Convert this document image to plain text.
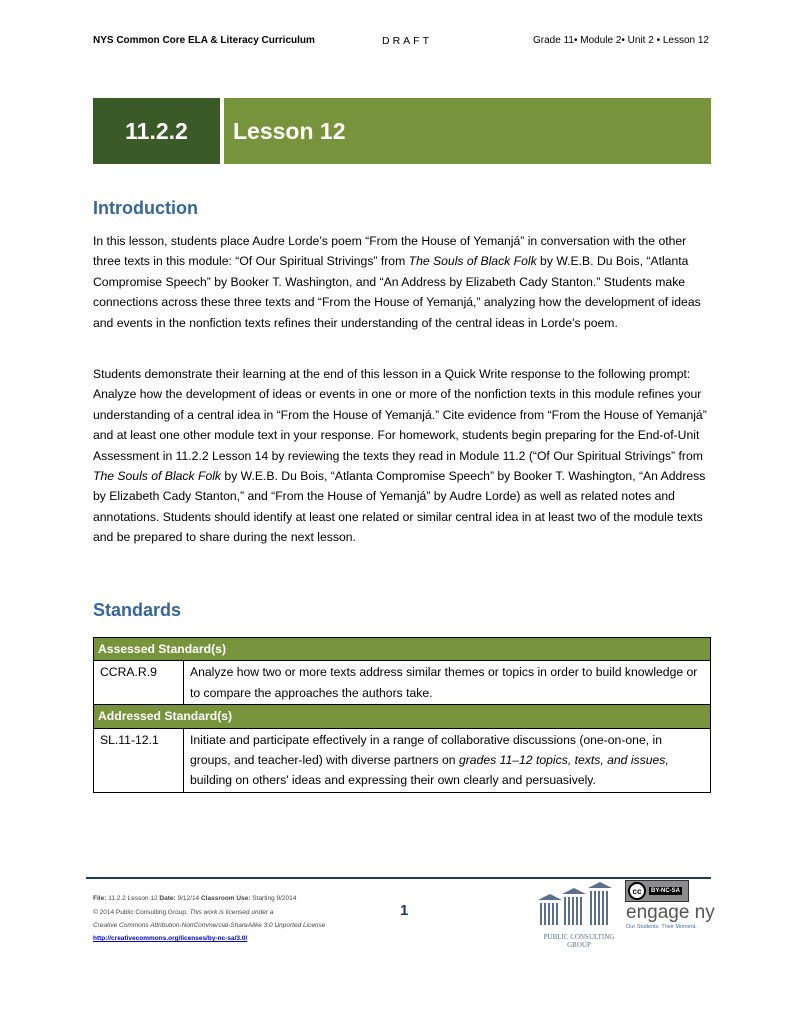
NYS Common Core ELA & Literacy Curriculum	DRAFT	Grade 11• Module 2• Unit 2 • Lesson 12
11.2.2	Lesson 12
Introduction

In this lesson, students place Audre Lorde’s poem “From the House of Yemanjá” in conversation with the other three texts in this module: “Of Our Spiritual Strivings” from The Souls of Black Folk by W.E.B. Du Bois, “Atlanta Compromise Speech” by Booker T. Washington, and “An Address by Elizabeth Cady Stanton.” Students make connections across these three texts and “From the House of Yemanjá,” analyzing how the development of ideas and events in the nonfiction texts refines their understanding of the central ideas in Lorde’s poem.

Students demonstrate their learning at the end of this lesson in a Quick Write response to the following prompt: Analyze how the development of ideas or events in one or more of the nonfiction texts in this module refines your understanding of a central idea in “From the House of Yemanjá.” Cite evidence from “From the House of Yemanjá” and at least one other module text in your response. For homework, students begin preparing for the End-of-Unit Assessment in 11.2.2 Lesson 14 by reviewing the texts they read in Module 11.2 (“Of Our Spiritual Strivings” from The Souls of Black Folk by W.E.B. Du Bois, “Atlanta Compromise Speech” by Booker T. Washington, “An Address by Elizabeth Cady Stanton,” and “From the House of Yemanjá” by Audre Lorde) as well as related notes and annotations. Students should identify at least one related or similar central idea in at least two of the module texts and be prepared to share during the next lesson.

Standards
Assessed Standard(s)	
CCRA.R.9	Analyze how two or more texts address similar themes or topics in order to build knowledge or to compare the approaches the authors take.
Addressed Standard(s)	
SL.11-12.1	Initiate and participate effectively in a range of collaborative discussions (one-on-one, in groups, and teacher-led) with diverse partners on grades 11–12 topics, texts, and issues, building on others' ideas and expressing their own clearly and persuasively.
File: 11.2.2 Lesson 12 Date: 9/12/14 Classroom Use: Starting 9/2014
© 2014 Public Consulting Group. This work is licensed under a
Creative Commons Attribution-NonCommercial-ShareAlike 3.0 Unported License
http://creativecommons.org/licenses/by-nc-sa/3.0/
1
PUBLIC CONSULTING GROUP
cc	BY-NC-SA
engage ny
Our Students. Their Moment.
